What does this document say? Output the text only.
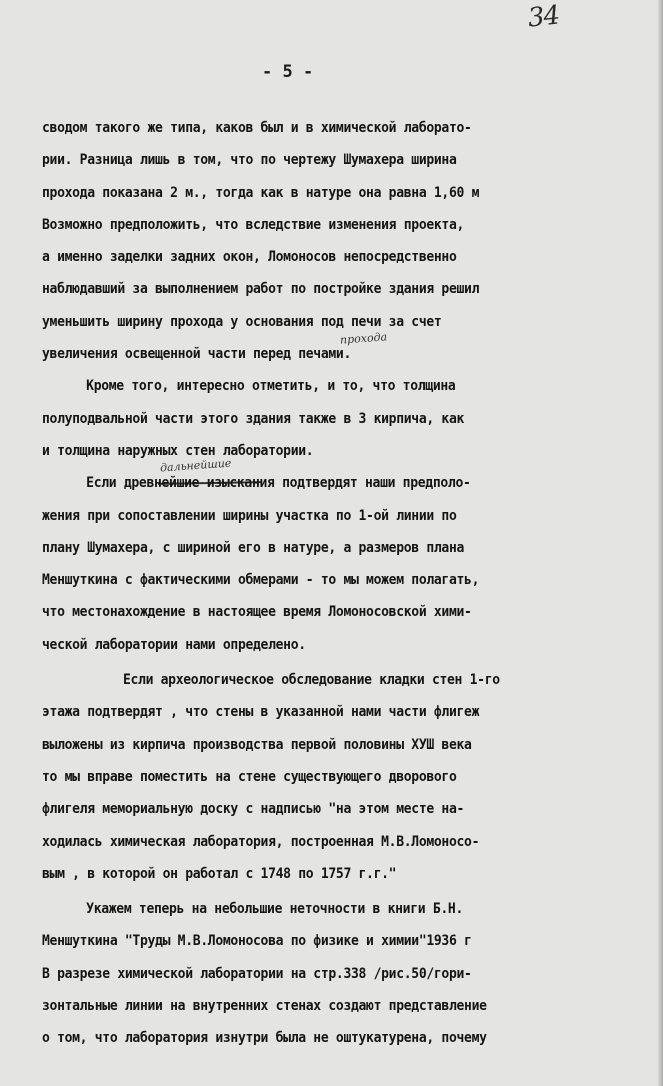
34
- 5 -
прохода
дальнейшие
сводом такого же типа, каков был и в химической лаборато-
рии. Разница лишь в том, что по чертежу Шумахера ширина
прохода показана 2 м., тогда как в натуре она равна 1,60 м
Возможно предположить, что вследствие изменения проекта,
а именно заделки задних окон, Ломоносов непосредственно
наблюдавший за выполнением работ по постройке здания решил
уменьшить ширину прохода у основания под печи за счет
увеличения освещенной части перед печами.
Кроме того, интересно отметить, и то, что толщина
полуподвальной части этого здания также в 3 кирпича, как
и толщина наружных стен лаборатории.
Если древнейшие изыскания подтвердят наши предполо-
жения при сопоставлении ширины участка по 1-ой линии по
плану Шумахера, с шириной его в натуре, а размеров плана
Меншуткина с фактическими обмерами - то мы можем полагать,
что местонахождение в настоящее время Ломоносовской хими-
ческой лаборатории нами определено.
Если археологическое обследование кладки стен 1-го
этажа подтвердят , что стены в указанной нами части флигеж
выложены из кирпича производства первой половины ХУШ века
то мы вправе поместить на стене существующего дворового
флигеля мемориальную доску с надписью "на этом месте на-
ходилась химическая лаборатория, построенная М.В.Ломоносо-
вым , в которой он работал с 1748 по 1757 г.г."
Укажем теперь на небольшие неточности в книги Б.Н.
Меншуткина "Труды М.В.Ломоносова по физике и химии"1936 г
В разрезе химической лаборатории на стр.338 /рис.50/гори-
зонтальные линии на внутренних стенах создают представление
о том, что лаборатория изнутри была не оштукатурена, почему
